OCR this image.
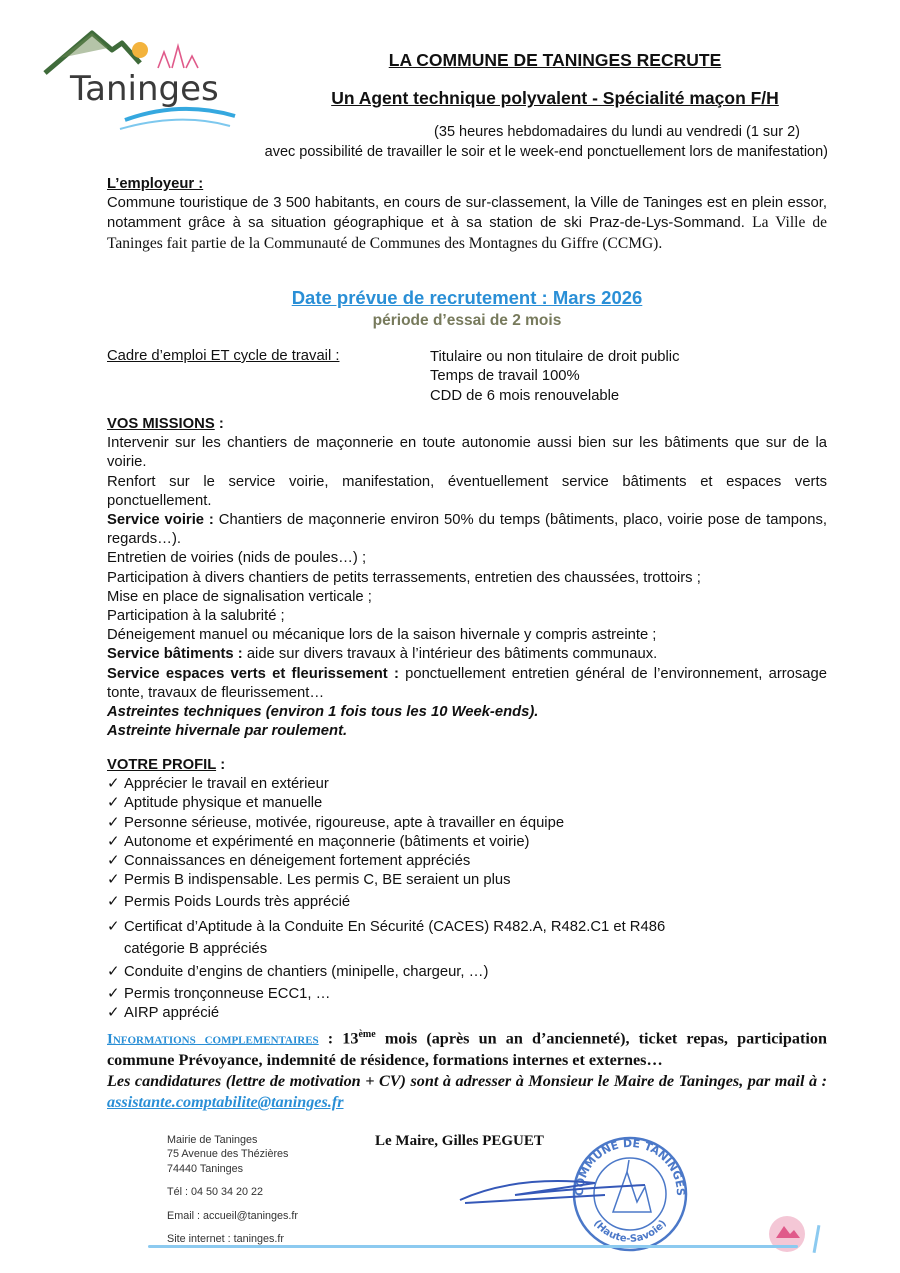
Taninges
LA COMMUNE DE TANINGES RECRUTE
Un Agent technique polyvalent - Spécialité maçon F/H
(35 heures hebdomadaires du lundi au vendredi (1 sur 2)
avec possibilité de travailler le soir et le week-end ponctuellement lors de manifestation)
L’employeur :
Commune touristique de 3 500 habitants, en cours de sur-classement, la Ville de Taninges est en plein essor, notamment grâce à sa situation géographique et à sa station de ski Praz-de-Lys-Sommand. La Ville de Taninges fait partie de la Communauté de Communes des Montagnes du Giffre (CCMG).
Date prévue de recrutement : Mars 2026
période d’essai de 2 mois
Cadre d’emploi ET cycle de travail :	Titulaire ou non titulaire de droit public
Temps de travail 100%
CDD de 6 mois renouvelable
VOS MISSIONS :
Intervenir sur les chantiers de maçonnerie en toute autonomie aussi bien sur les bâtiments que sur de la voirie.
Renfort sur le service voirie, manifestation, éventuellement service bâtiments et espaces verts ponctuellement.
Service voirie : Chantiers de maçonnerie environ 50% du temps (bâtiments, placo, voirie pose de tampons, regards…).
Entretien de voiries (nids de poules…) ;
Participation à divers chantiers de petits terrassements, entretien des chaussées, trottoirs ;
Mise en place de signalisation verticale ;
Participation à la salubrité ;
Déneigement manuel ou mécanique lors de la saison hivernale y compris astreinte ;
Service bâtiments : aide sur divers travaux à l’intérieur des bâtiments communaux.
Service espaces verts et fleurissement : ponctuellement entretien général de l’environnement, arrosage tonte, travaux de fleurissement…
Astreintes techniques (environ 1 fois tous les 10 Week-ends).
Astreinte hivernale par roulement.
VOTRE PROFIL :
✓ Apprécier le travail en extérieur
✓ Aptitude physique et manuelle
✓ Personne sérieuse, motivée, rigoureuse, apte à travailler en équipe
✓ Autonome et expérimenté en maçonnerie (bâtiments et voirie)
✓ Connaissances en déneigement fortement appréciés
✓ Permis B indispensable. Les permis C, BE seraient un plus
✓ Permis Poids Lourds très apprécié
✓ Certificat d’Aptitude à la Conduite En Sécurité (CACES) R482.A, R482.C1 et R486 catégorie B appréciés
✓ Conduite d’engins de chantiers (minipelle, chargeur, …)
✓ Permis tronçonneuse ECC1, …
✓ AIRP apprécié
Informations complementaires : 13ème mois (après un an d’ancienneté), ticket repas, participation commune Prévoyance, indemnité de résidence, formations internes et externes…
Les candidatures (lettre de motivation + CV) sont à adresser à Monsieur le Maire de Taninges, par mail à : assistante.comptabilite@taninges.fr
Mairie de Taninges
75 Avenue des Thézières
74440 Taninges
Tél : 04 50 34 20 22
Email : accueil@taninges.fr
Site internet : taninges.fr
Le Maire, Gilles PEGUET
COMMUNE DE TANINGES
(Haute-Savoie)
